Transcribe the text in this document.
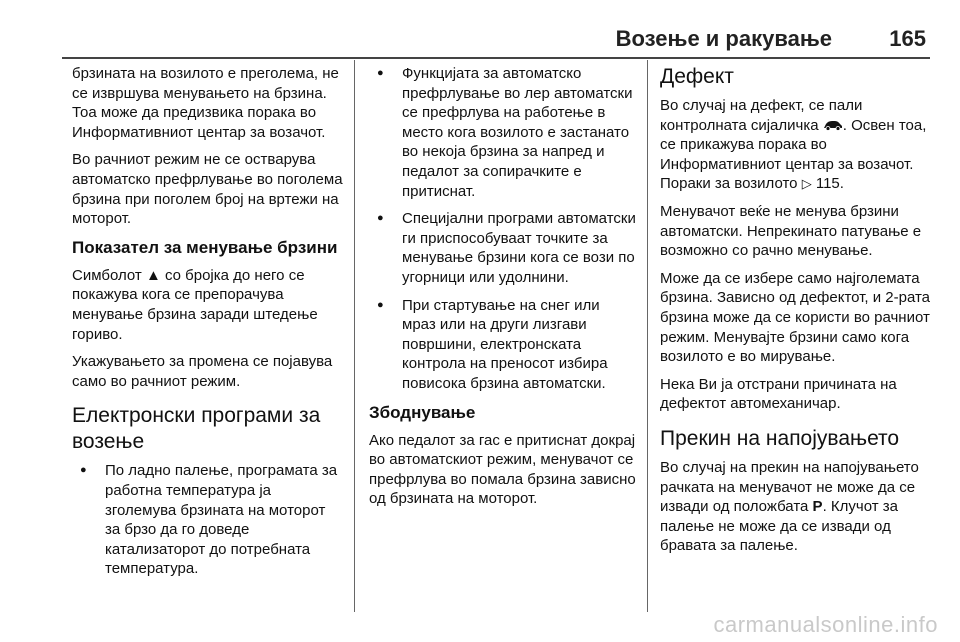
Возење и ракување	165

брзината на возилото е преголема, не се извршува менувањето на брзина. Тоа може да предизвика порака во Информативниот центар за возачот.

Во рачниот режим не се оствaрува автоматско префрлување во поголема брзина при поголем број на вртежи на моторот.

Показател за менување брзини

Симболот ▲ со бројка до него се покажува кога се препорачува менување брзина заради штедење гориво.

Укажувањето за промена се појавува само во рачниот режим.

Електронски програми за возење
● По ладно палење, програмата за работна температура ја зголемува брзината на моторот за брзо да го доведе катализаторот до потребната температура.
● Функцијата за автоматско префрлување во лер автоматски се префрлува на работење в место кога возилото е застанато во некоја брзина за напред и педалот за сопирачките е притиснат.
● Специјални програми автоматски ги приспособуваат точките за менување брзини кога се вози по угорници или удолнини.
● При стартување на снег или мраз или на други лизгави површини, електронската контрола на преносот избира повисока брзина автоматски.
Збоднување

Ако педалот за гас е притиснат докрај во автоматскиот режим, менувачот се префрлува во помала брзина зависно од брзината на моторот.

Дефект

Во случај на дефект, се пали контролната сијаличка . Освен тоа, се прикажува порака во Информативниот центар за возачот. Пораки за возилото ▷ 115.

Менувачот веќе не менува брзини автоматски. Непрекинато патување е возможно со рачно менување.

Може да се избере само најголемата брзина. Зависно од дефектот, и 2-рата брзина може да се користи во рачниот режим. Менувајте брзини само кога возилото е во мирување.

Нека Ви ја отстрани причината на дефектот автомеханичар.

Прекин на напојувањето

Во случај на прекин на напојувањето рачката на менувачот не може да се извади од положбата P. Клучот за палење не може да се извади од бравата за палење.

carmanualsonline.info
